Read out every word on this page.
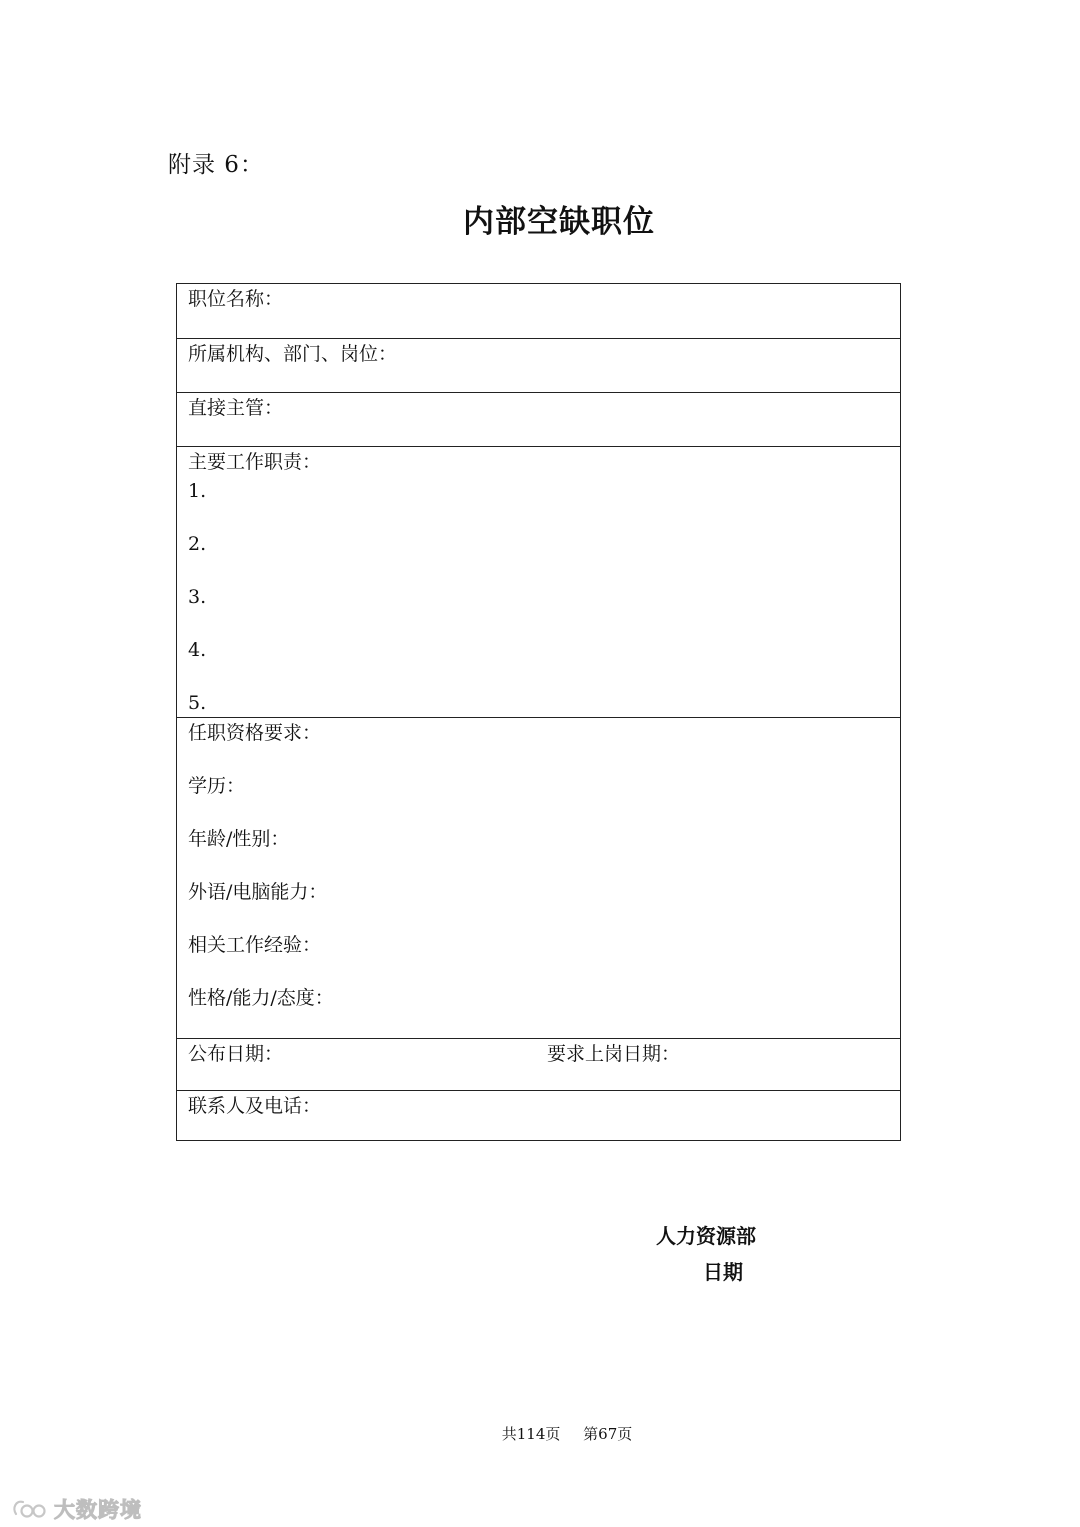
附录 6：
内部空缺职位
职位名称：
所属机构、部门、岗位：
直接主管：
主要工作职责：
1.
2.
3.
4.
5.
任职资格要求：
学历：
年龄/性别：
外语/电脑能力：
相关工作经验：
性格/能力/态度：
公布日期：	要求上岗日期：
联系人及电话：
人力资源部
日期
共114页 第67页
大数跨境
